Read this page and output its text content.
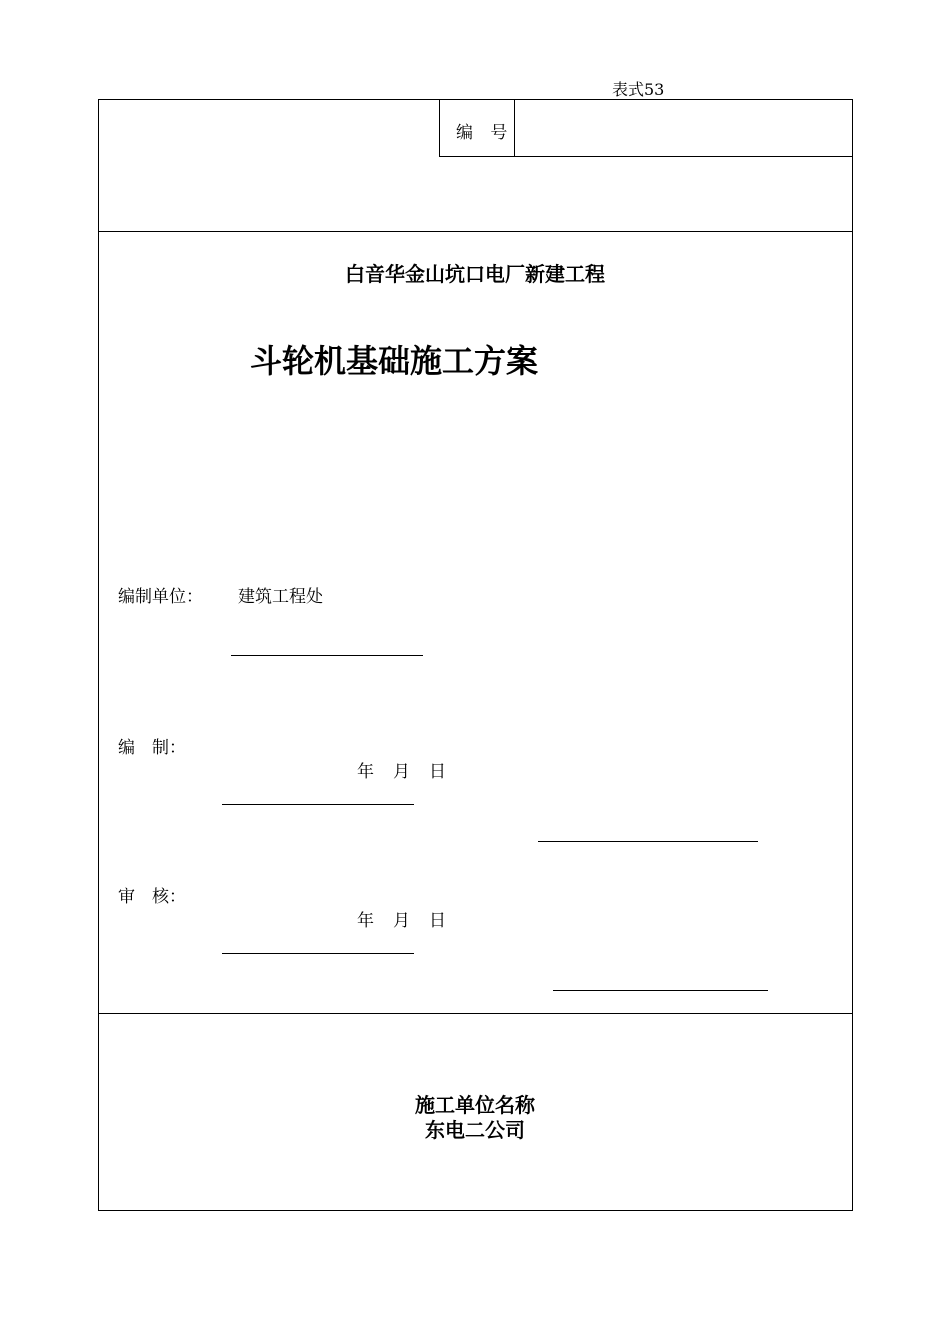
表式53
编 号
白音华金山坑口电厂新建工程
斗轮机基础施工方案
编制单位： 建筑工程处
编　制：
年　月　日
审　核：
年　月　日
施工单位名称
东电二公司
